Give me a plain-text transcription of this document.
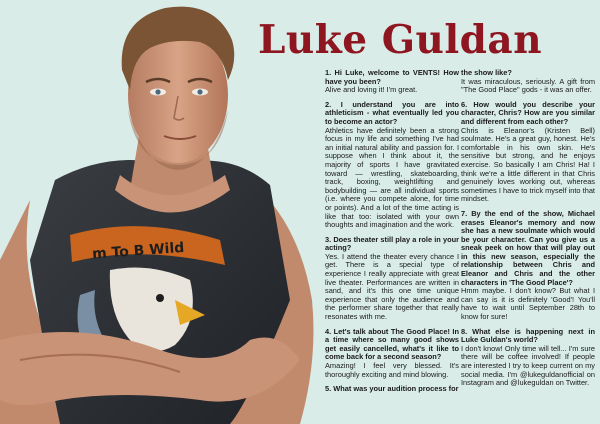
m To B Wild
Luke Guldan

1. Hi Luke, welcome to VENTS! How have you been?

Alive and loving it! I'm great.

2. I understand you are into athleticism - what eventually led you to become an actor?

Athletics have definitely been a strong focus in my life and something I've had an initial natural ability and passion for. I suppose when I think about it, the majority of sports I have gravitated toward — wrestling, skateboarding, track, boxing, weightlifting and bodybuilding — are all individual sports (i.e. where you compete alone, for time or points). And a lot of the time acting is like that too: isolated with your own thoughts and imagination and the work.

3. Does theater still play a role in your acting?

Yes. I attend the theater every chance I get. There is a special type of experience I really appreciate with great live theater. Performances are written in sand, and it's this one time unique experience that only the audience and the performer share together that really resonates with me.

4. Let's talk about The Good Place! In a time where so many good shows get easily cancelled, what's it like to come back for a second season?

Amazing! I feel very blessed. It's thoroughly exciting and mind blowing.

5. What was your audition process for

the show like?

It was miraculous, seriously. A gift from "The Good Place" gods - it was an offer.

6. How would you describe your character, Chris? How are you similar and different from each other?

Chris is Eleanor's (Kristen Bell) soulmate. He's a great guy, honest. He's comfortable in his own skin. He's sensitive but strong, and he enjoys exercise. So basically I am Chris! Ha! I think we're a little different in that Chris genuinely loves working out, whereas sometimes I have to trick myself into that mindset.

7. By the end of the show, Michael erases Eleanor's memory and now she has a new soulmate which would be your character. Can you give us a sneak peek on how that will play out in this new season, especially the relationship between Chris and Eleanor and Chris and the other characters in 'The Good Place'?

Hmm maybe. I don't know? But what I can say is it is definitely 'Good'! You'll have to wait until September 28th to know for sure!

8. What else is happening next in Luke Guldan's world?

I don't know! Only time will tell... I'm sure there will be coffee involved! If people are interested I try to keep current on my social media. I'm @lukeguldanofficial on Instagram and @lukeguldan on Twitter.
